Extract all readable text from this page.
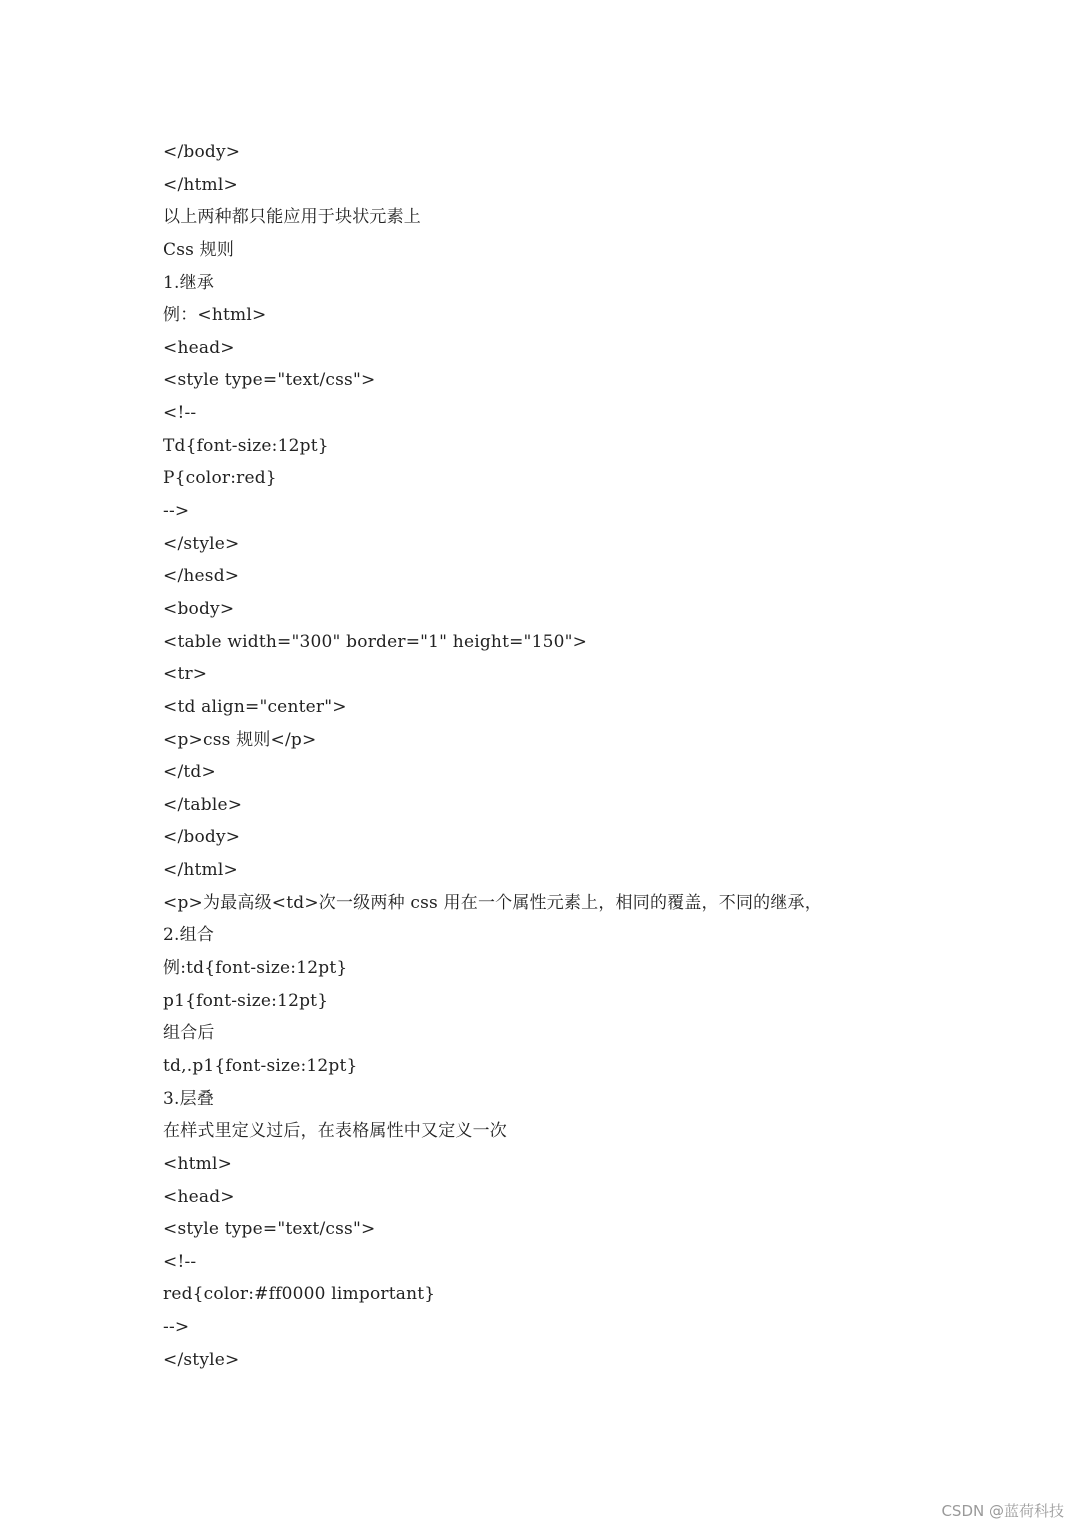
</body>
</html>
以上两种都只能应用于块状元素上
Css 规则
1.继承
例：<html>
<head>
<style type="text/css">
<!--
Td{font-size:12pt}
P{color:red}
-->
</style>
</hesd>
<body>
<table width="300" border="1" height="150">
<tr>
<td align="center">
<p>css 规则</p>
</td>
</table>
</body>
</html>
<p>为最高级<td>次一级两种 css 用在一个属性元素上，相同的覆盖，不同的继承，
2.组合
例:td{font-size:12pt}
p1{font-size:12pt}
组合后
td,.p1{font-size:12pt}
3.层叠
在样式里定义过后，在表格属性中又定义一次
<html>
<head>
<style type="text/css">
<!--
red{color:#ff0000 limportant}
-->
</style>
CSDN @蓝荷科技
